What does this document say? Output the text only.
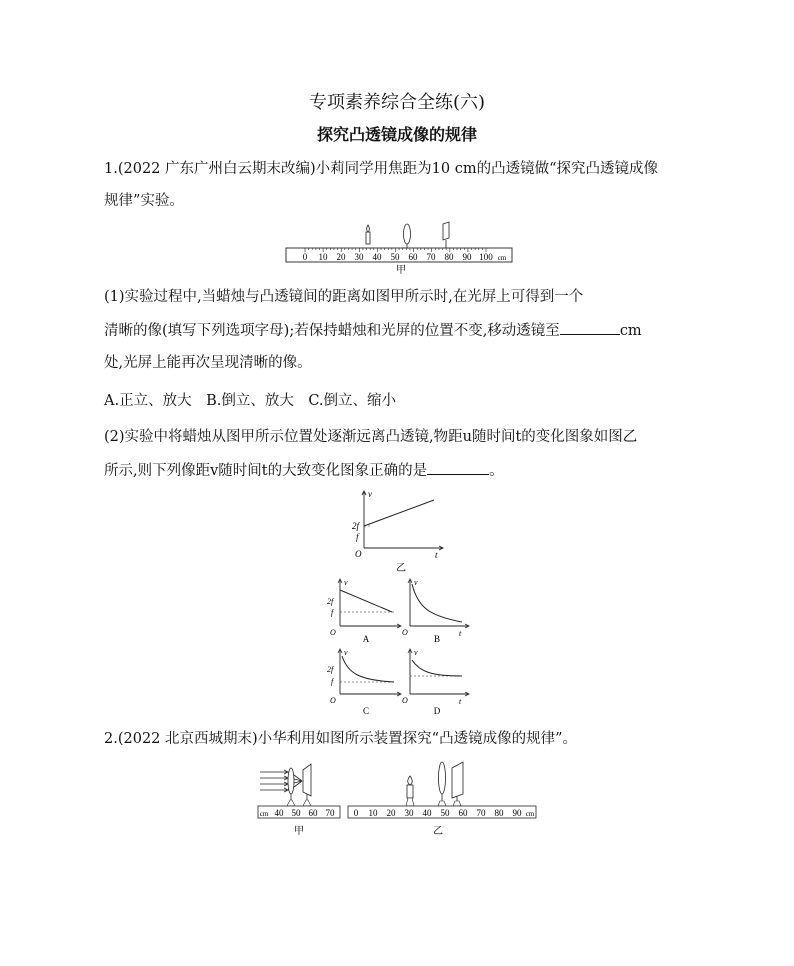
专项素养综合全练(六)
探究凸透镜成像的规律
1.(2022 广东广州白云期末改编)小莉同学用焦距为10 cm的凸透镜做“探究凸透镜成像
规律”实验。
0 10 20 30 40 50 60 70 80 90 100 cm
甲
(1)实验过程中,当蜡烛与凸透镜间的距离如图甲所示时,在光屏上可得到一个
清晰的像(填写下列选项字母);若保持蜡烛和光屏的位置不变,移动透镜至	cm
处,光屏上能再次呈现清晰的像。
A.正立、放大　B.倒立、放大　C.倒立、缩小
(2)实验中将蜡烛从图甲所示位置处逐渐远离凸透镜,物距u随时间t的变化图象如图乙
所示,则下列像距v随时间t的大致变化图象正确的是	。
v
t
O
2f
f
乙
v
2f
f
O
A
v
t
O
B
v
2f
f
O
C
v
t
O
D
2.(2022 北京西城期末)小华利用如图所示装置探究“凸透镜成像的规律”。
cm 40 50 60 70
甲
0 10 20 30 40 50 60 70 80 90 cm
乙
